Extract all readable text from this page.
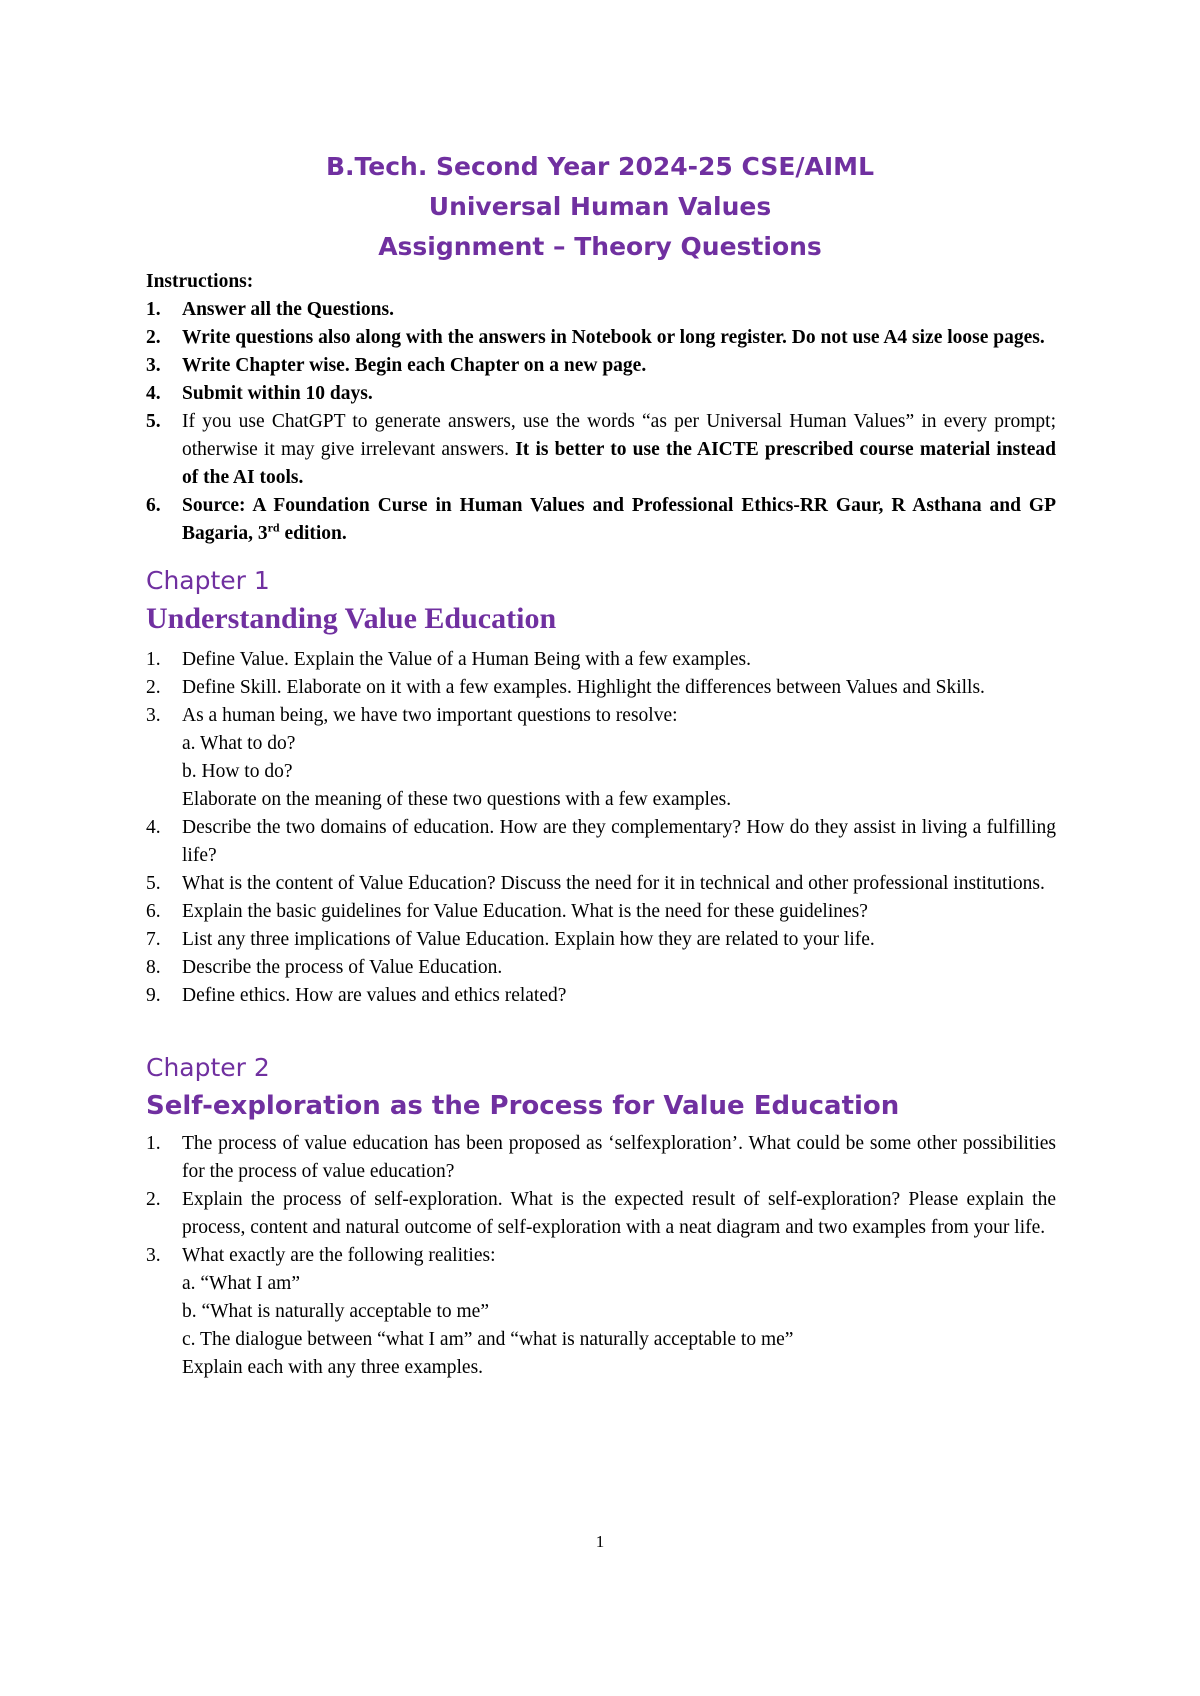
B.Tech. Second Year 2024-25 CSE/AIML
Universal Human Values
Assignment – Theory Questions
Instructions:
1. Answer all the Questions.
2. Write questions also along with the answers in Notebook or long register. Do not use A4 size loose pages.
3. Write Chapter wise. Begin each Chapter on a new page.
4. Submit within 10 days.
5. If you use ChatGPT to generate answers, use the words “as per Universal Human Values” in every prompt; otherwise it may give irrelevant answers. It is better to use the AICTE prescribed course material instead of the AI tools.
6. Source: A Foundation Curse in Human Values and Professional Ethics-RR Gaur, R Asthana and GP Bagaria, 3rd edition.
Chapter 1
Understanding Value Education
1. Define Value. Explain the Value of a Human Being with a few examples.
2. Define Skill. Elaborate on it with a few examples. Highlight the differences between Values and Skills.
3. As a human being, we have two important questions to resolve:
a. What to do?
b. How to do?
Elaborate on the meaning of these two questions with a few examples.
4. Describe the two domains of education. How are they complementary? How do they assist in living a fulfilling life?
5. What is the content of Value Education? Discuss the need for it in technical and other professional institutions.
6. Explain the basic guidelines for Value Education. What is the need for these guidelines?
7. List any three implications of Value Education. Explain how they are related to your life.
8. Describe the process of Value Education.
9. Define ethics. How are values and ethics related?
Chapter 2
Self-exploration as the Process for Value Education
1. The process of value education has been proposed as ‘selfexploration’. What could be some other possibilities for the process of value education?
2. Explain the process of self-exploration. What is the expected result of self-exploration? Please explain the process, content and natural outcome of self-exploration with a neat diagram and two examples from your life.
3. What exactly are the following realities:
a. “What I am”
b. “What is naturally acceptable to me”
c. The dialogue between “what I am” and “what is naturally acceptable to me”
Explain each with any three examples.
1
